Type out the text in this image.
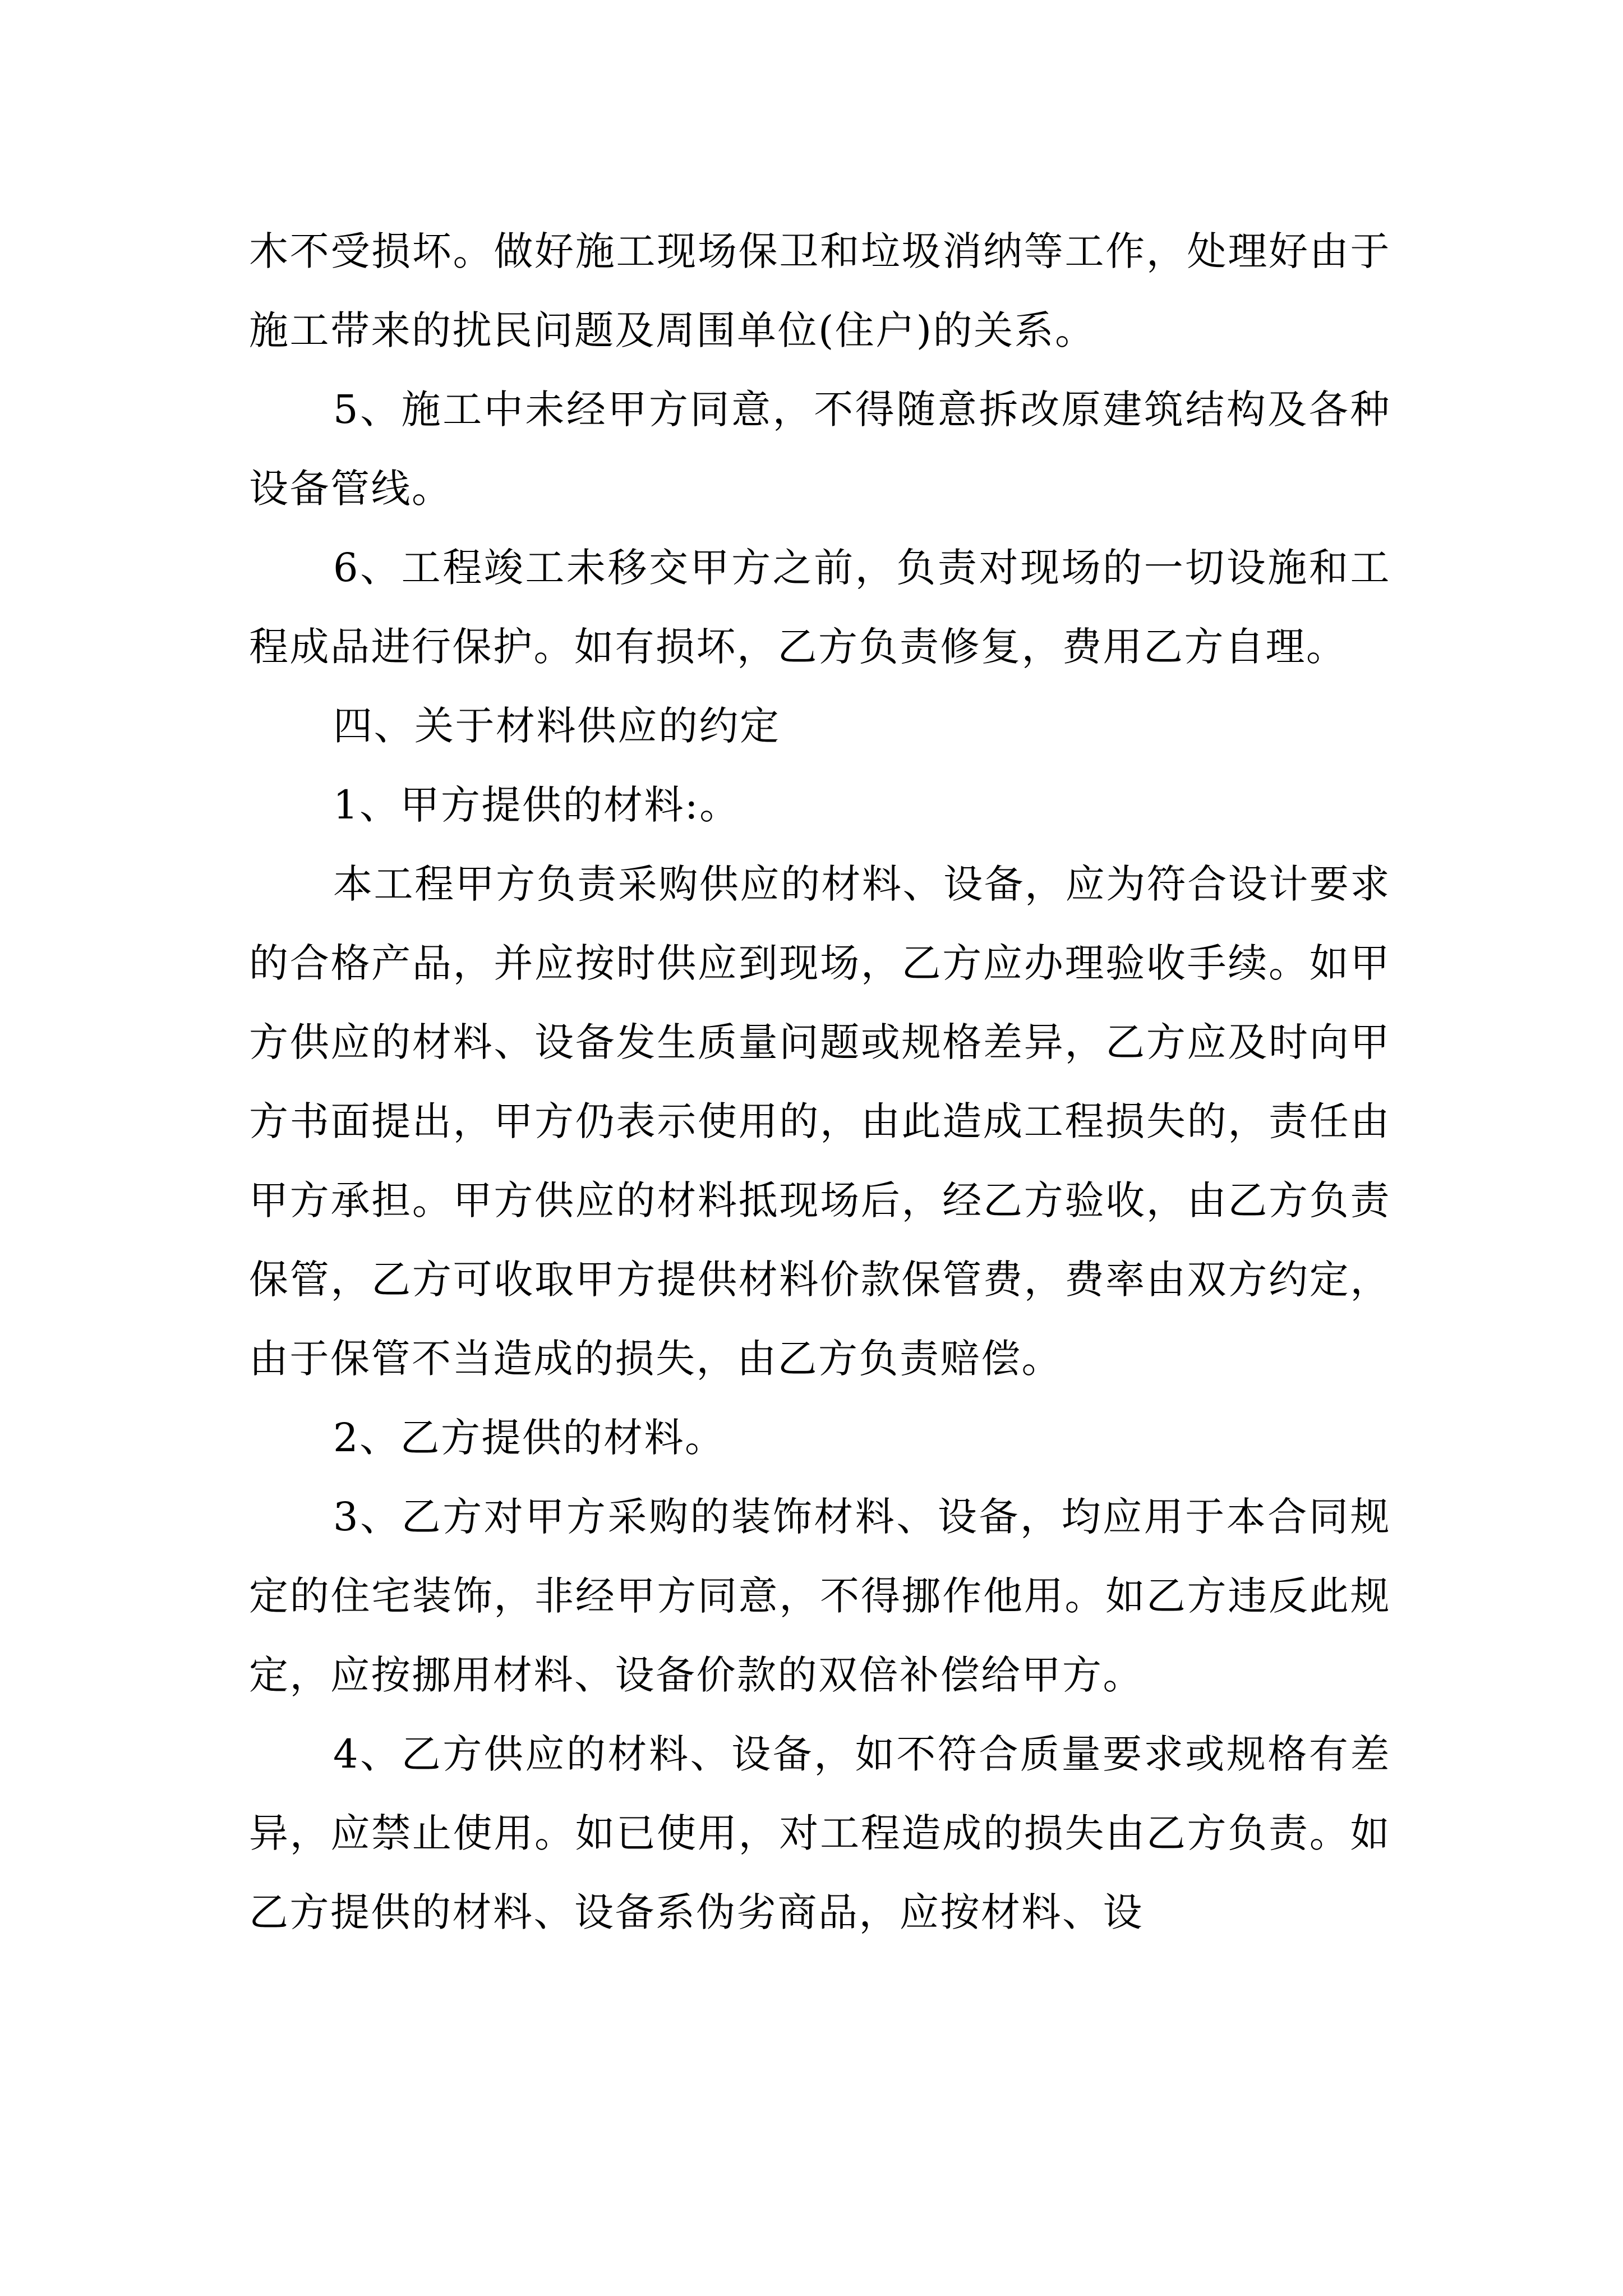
木不受损坏。做好施工现场保卫和垃圾消纳等工作，处理好由于施工带来的扰民问题及周围单位(住户)的关系。

5、施工中未经甲方同意，不得随意拆改原建筑结构及各种设备管线。

6、工程竣工未移交甲方之前，负责对现场的一切设施和工程成品进行保护。如有损坏，乙方负责修复，费用乙方自理。

四、关于材料供应的约定

1、甲方提供的材料:。

本工程甲方负责采购供应的材料、设备，应为符合设计要求的合格产品，并应按时供应到现场，乙方应办理验收手续。如甲方供应的材料、设备发生质量问题或规格差异，乙方应及时向甲方书面提出，甲方仍表示使用的，由此造成工程损失的，责任由甲方承担。甲方供应的材料抵现场后，经乙方验收，由乙方负责保管，乙方可收取甲方提供材料价款保管费，费率由双方约定，由于保管不当造成的损失，由乙方负责赔偿。

2、乙方提供的材料。

3、乙方对甲方采购的装饰材料、设备，均应用于本合同规定的住宅装饰，非经甲方同意，不得挪作他用。如乙方违反此规定，应按挪用材料、设备价款的双倍补偿给甲方。

4、乙方供应的材料、设备，如不符合质量要求或规格有差异，应禁止使用。如已使用，对工程造成的损失由乙方负责。如乙方提供的材料、设备系伪劣商品，应按材料、设
